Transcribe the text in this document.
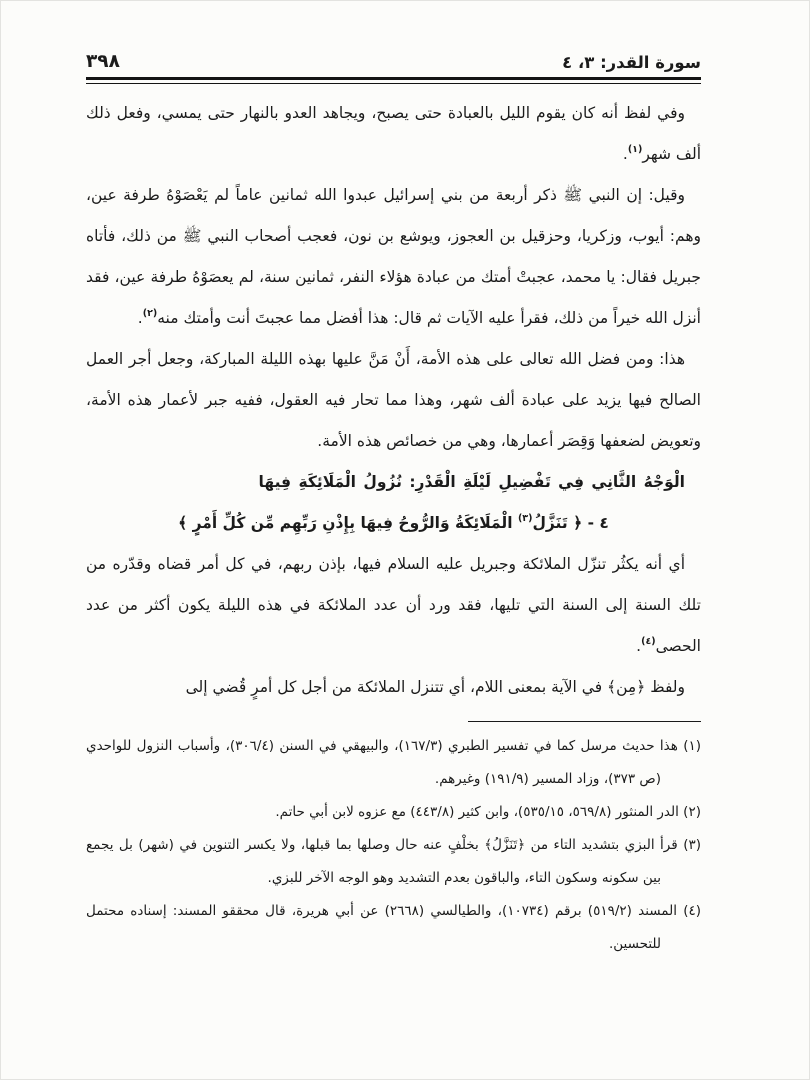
سورة القدر: ٣، ٤
٣٩٨

وفي لفظ أنه كان يقوم الليل بالعبادة حتى يصبح، ويجاهد العدو بالنهار حتى يمسي، وفعل ذلك ألف شهر$^{(١)}$.

وقيل: إن النبي ﷺ ذكر أربعة من بني إسرائيل عبدوا الله ثمانين عاماً لم يَعْصَوْهُ طرفة عين، وهم: أيوب، وزكريا، وحزقيل بن العجوز، ويوشع بن نون، فعجب أصحاب النبي ﷺ من ذلك، فأتاه جبريل فقال: يا محمد، عجبتْ أمتك من عبادة هؤلاء النفر، ثمانين سنة، لم يعصَوْهُ طرفة عين، فقد أنزل الله خيراً من ذلك، فقرأ عليه الآيات ثم قال: هذا أفضل مما عجبتَ أنت وأمتك منه$^{(٢)}$.

هذا: ومن فضل الله تعالى على هذه الأمة، أَنْ مَنَّ عليها بهذه الليلة المباركة، وجعل أجر العمل الصالح فيها يزيد على عبادة ألف شهر، وهذا مما تحار فيه العقول، ففيه جبر لأعمار هذه الأمة، وتعويض لضعفها وَقِصَر أعمارها، وهي من خصائص هذه الأمة.

الْوَجْهُ الثَّانِي فِي تَفْضِيلِ لَيْلَةِ الْقَدْرِ: نُزُولُ الْمَلَائِكَةِ فِيهَا

٤ - ﴿ تَنَزَّلُ$^{(٣)}$ الْمَلَائِكَةُ وَالرُّوحُ فِيهَا بِإِذْنِ رَبِّهِم مِّن كُلِّ أَمْرٍ ﴾

أي أنه يكثُر تنزّل الملائكة وجبريل عليه السلام فيها، بإذن ربهم، في كل أمر قضاه وقدّره من تلك السنة إلى السنة التي تليها، فقد ورد أن عدد الملائكة في هذه الليلة يكون أكثر من عدد الحصى$^{(٤)}$.

ولفظ ﴿مِن﴾ في الآية بمعنى اللام، أي تتنزل الملائكة من أجل كل أمرٍ قُضي إلى

(١) هذا حديث مرسل كما في تفسير الطبري (١٦٧/٣)، والبيهقي في السنن (٣٠٦/٤)، وأسباب النزول للواحدي (ص ٣٧٣)، وزاد المسير (١٩١/٩) وغيرهم.

(٢) الدر المنثور (⁦٥٦٩/٨، ٥٣٥/١٥⁩)، وابن كثير (٤٤٣/٨) مع عزوه لابن أبي حاتم.

(٣) قرأ البزي بتشديد التاء من ﴿تَنَزَّلُ﴾ بخلْفٍ عنه حال وصلها بما قبلها، ولا يكسر التنوين في (شهر) بل يجمع بين سكونه وسكون التاء، والباقون بعدم التشديد وهو الوجه الآخر للبزي.

(٤) المسند (٥١٩/٢) برقم (١٠٧٣٤)، والطيالسي (٢٦٦٨) عن أبي هريرة، قال محققو المسند: إسناده محتمل للتحسين.
